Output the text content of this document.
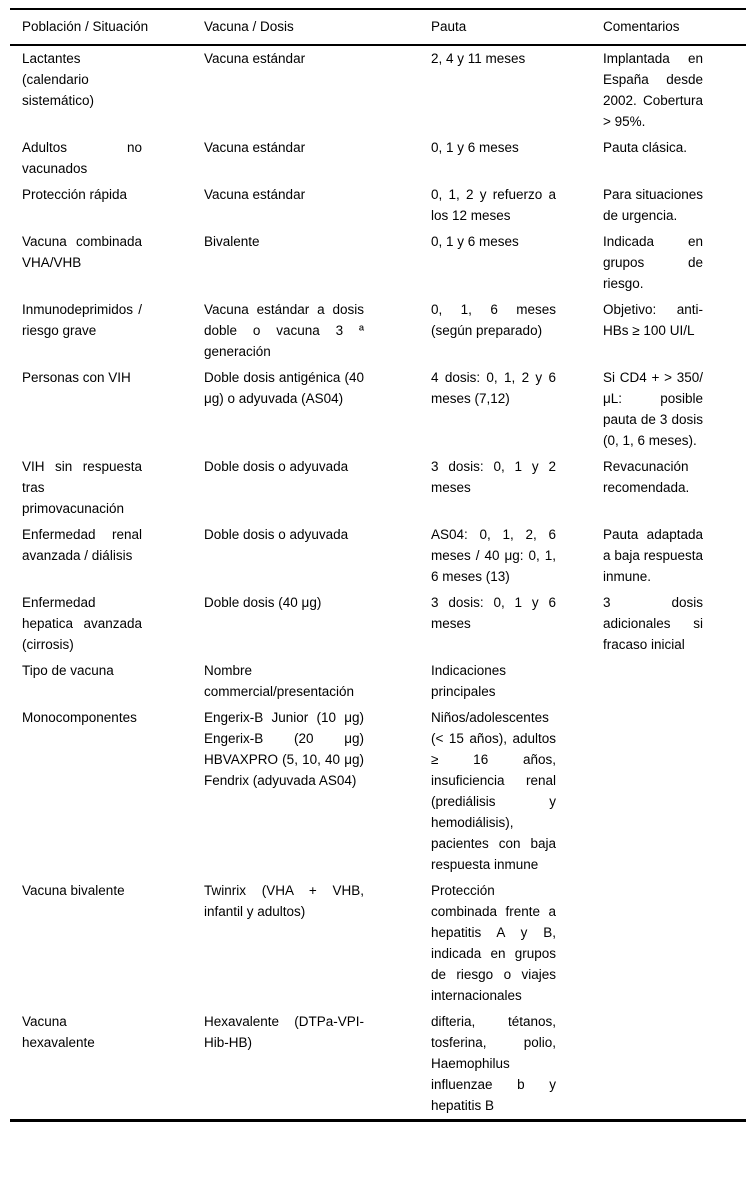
Población / Situación	Vacuna / Dosis	Pauta	Comentarios
Lactantes (calendario sistemático)	Vacuna estándar	2, 4 y 11 meses	Implantada en España desde 2002. Cobertura > 95%.
Adultos no vacunados	Vacuna estándar	0, 1 y 6 meses	Pauta clásica.
Protección rápida	Vacuna estándar	0, 1, 2 y refuerzo a los 12 meses	Para situaciones de urgencia.
Vacuna combinada VHA/VHB	Bivalente	0, 1 y 6 meses	Indicada en grupos de riesgo.
Inmunodeprimidos / riesgo grave	Vacuna estándar a dosis doble o vacuna 3 ª generación	0, 1, 6 meses (según preparado)	Objetivo: anti-HBs ≥ 100 UI/L
Personas con VIH	Doble dosis antigénica (40 μg) o adyuvada (AS04)	4 dosis: 0, 1, 2 y 6 meses (7,12)	Si CD4 + > 350/μL: posible pauta de 3 dosis (0, 1, 6 meses).
VIH sin respuesta tras primovacunación	Doble dosis o adyuvada	3 dosis: 0, 1 y 2 meses	Revacunación recomendada.
Enfermedad renal avanzada / diálisis	Doble dosis o adyuvada	AS04: 0, 1, 2, 6 meses / 40 μg: 0, 1, 6 meses (13)	Pauta adaptada a baja respuesta inmune.
Enfermedad hepatica avanzada (cirrosis)	Doble dosis (40 μg)	3 dosis: 0, 1 y 6 meses	3 dosis adicionales si fracaso inicial
Tipo de vacuna	Nombre commercial/presentación	Indicaciones principales	
Monocomponentes	Engerix-B Junior (10 μg) Engerix-B (20 μg) HBVAXPRO (5, 10, 40 μg) Fendrix (adyuvada AS04)	Niños/adolescentes (< 15 años), adultos ≥ 16 años, insuficiencia renal (prediálisis y hemodiálisis), pacientes con baja respuesta inmune	
Vacuna bivalente	Twinrix (VHA + VHB, infantil y adultos)	Protección combinada frente a hepatitis A y B, indicada en grupos de riesgo o viajes internacionales	
Vacuna hexavalente	Hexavalente (DTPa-VPI-Hib-HB)	difteria, tétanos, tosferina, polio, Haemophilus influenzae b y hepatitis B	
